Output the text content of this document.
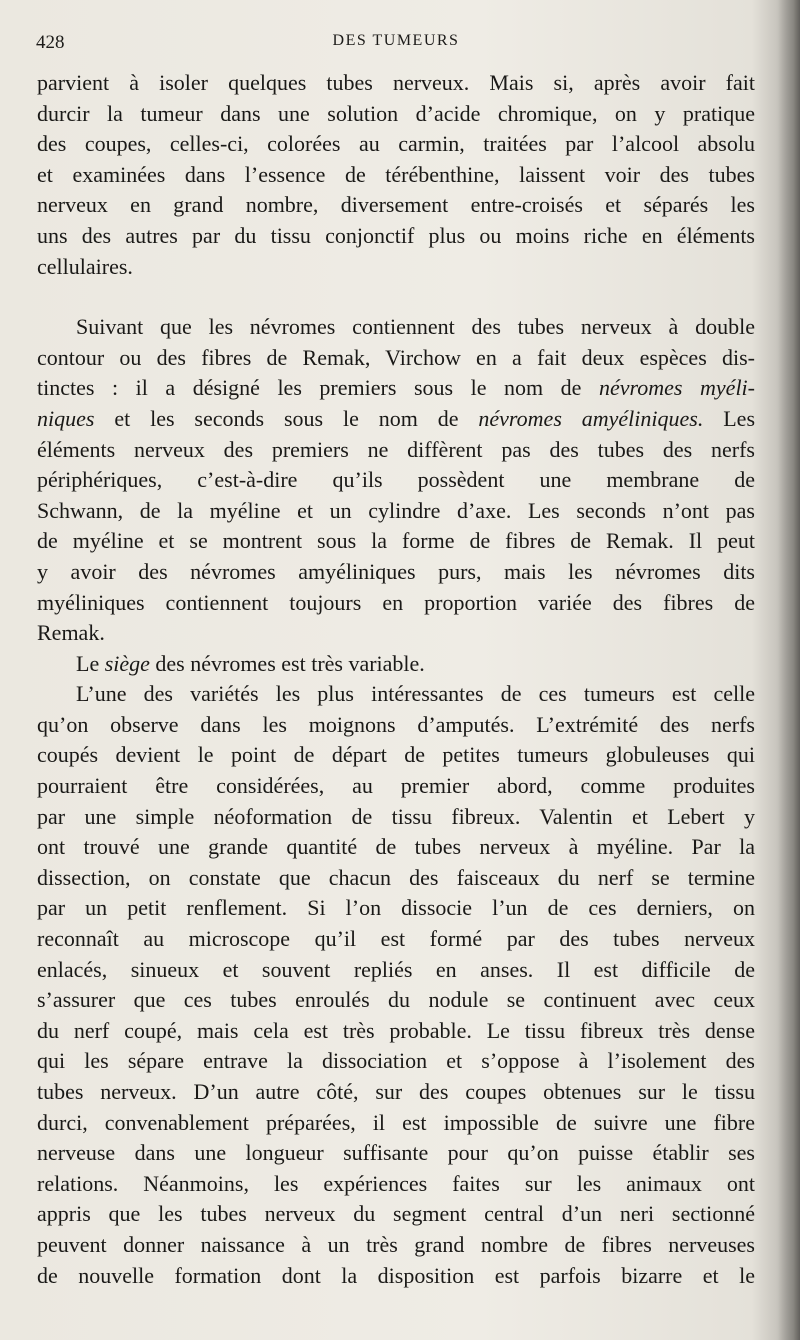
428	DES TUMEURS
parvient à isoler quelques tubes nerveux. Mais si, après avoir fait
durcir la tumeur dans une solution d’acide chromique, on y pratique
des coupes, celles-ci, colorées au carmin, traitées par l’alcool absolu
et examinées dans l’essence de térébenthine, laissent voir des tubes
nerveux en grand nombre, diversement entre-croisés et séparés les
uns des autres par du tissu conjonctif plus ou moins riche en éléments
cellulaires.
Suivant que les névromes contiennent des tubes nerveux à double
contour ou des fibres de Remak, Virchow en a fait deux espèces dis-
tinctes : il a désigné les premiers sous le nom de névromes myéli-
niques et les seconds sous le nom de névromes amyéliniques. Les
éléments nerveux des premiers ne diffèrent pas des tubes des nerfs
périphériques, c’est-à-dire qu’ils possèdent une membrane de
Schwann, de la myéline et un cylindre d’axe. Les seconds n’ont pas
de myéline et se montrent sous la forme de fibres de Remak. Il peut
y avoir des névromes amyéliniques purs, mais les névromes dits
myéliniques contiennent toujours en proportion variée des fibres de
Remak.
Le siège des névromes est très variable.
L’une des variétés les plus intéressantes de ces tumeurs est celle
qu’on observe dans les moignons d’amputés. L’extrémité des nerfs
coupés devient le point de départ de petites tumeurs globuleuses qui
pourraient être considérées, au premier abord, comme produites
par une simple néoformation de tissu fibreux. Valentin et Lebert y
ont trouvé une grande quantité de tubes nerveux à myéline. Par la
dissection, on constate que chacun des faisceaux du nerf se termine
par un petit renflement. Si l’on dissocie l’un de ces derniers, on
reconnaît au microscope qu’il est formé par des tubes nerveux
enlacés, sinueux et souvent repliés en anses. Il est difficile de
s’assurer que ces tubes enroulés du nodule se continuent avec ceux
du nerf coupé, mais cela est très probable. Le tissu fibreux très dense
qui les sépare entrave la dissociation et s’oppose à l’isolement des
tubes nerveux. D’un autre côté, sur des coupes obtenues sur le tissu
durci, convenablement préparées, il est impossible de suivre une fibre
nerveuse dans une longueur suffisante pour qu’on puisse établir ses
relations. Néanmoins, les expériences faites sur les animaux ont
appris que les tubes nerveux du segment central d’un neri sectionné
peuvent donner naissance à un très grand nombre de fibres nerveuses
de nouvelle formation dont la disposition est parfois bizarre et le
